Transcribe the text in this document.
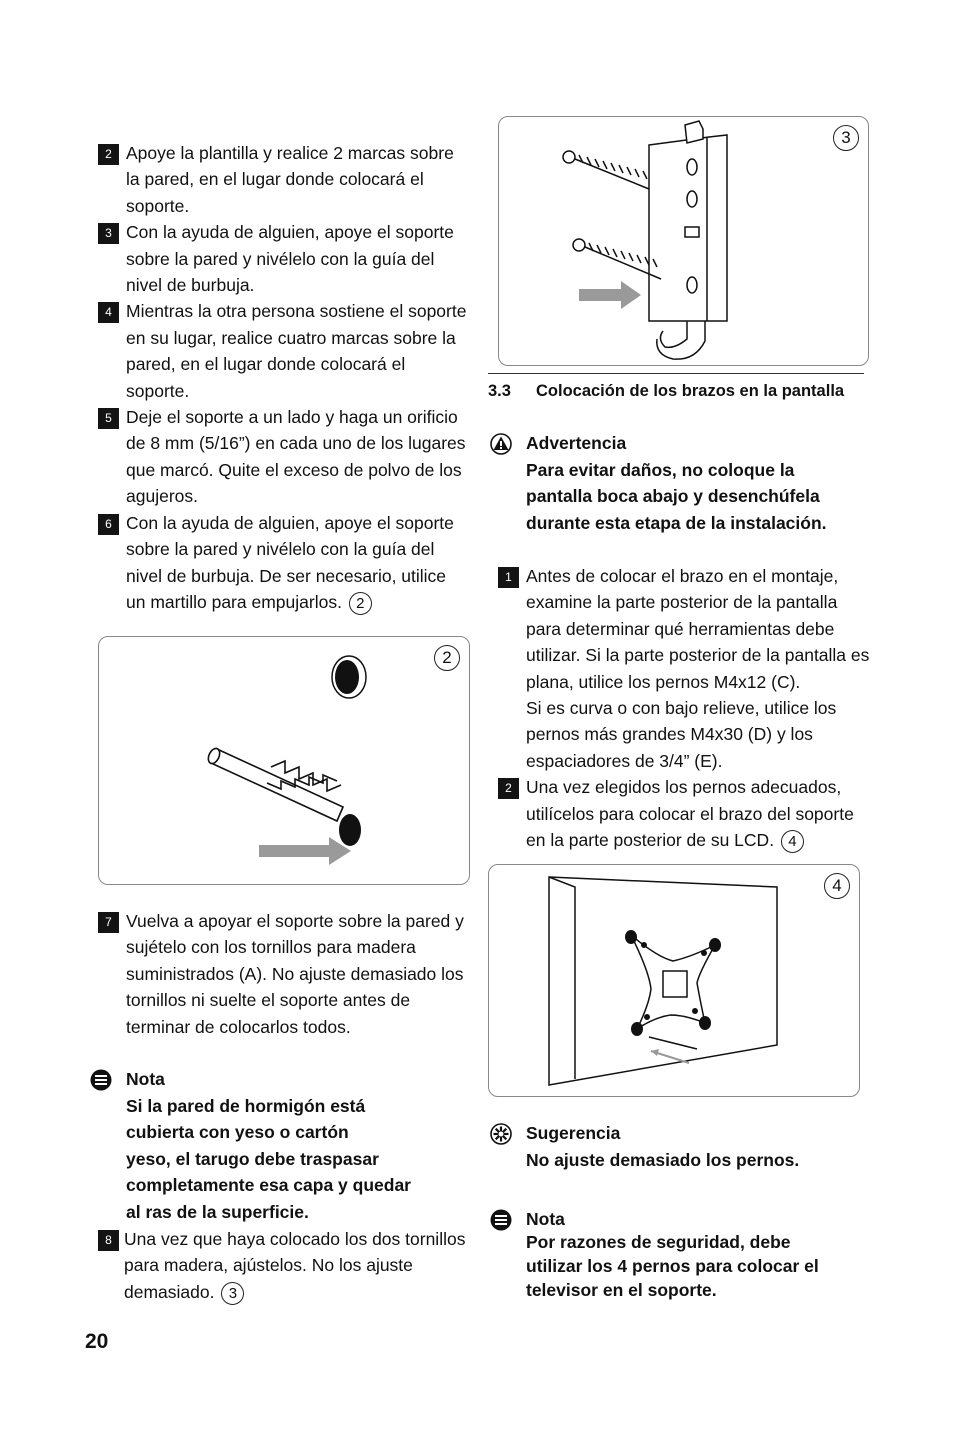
2 Apoye la plantilla y realice 2 marcas sobre la pared, en el lugar donde colocará el soporte.
3 Con la ayuda de alguien, apoye el soporte sobre la pared y nivélelo con la guía del nivel de burbuja.
4 Mientras la otra persona sostiene el soporte en su lugar, realice cuatro marcas sobre la pared, en el lugar donde colocará el soporte.
5 Deje el soporte a un lado y haga un orificio de 8 mm (5/16”) en cada uno de los lugares que marcó. Quite el exceso de polvo de los agujeros.
6 Con la ayuda de alguien, apoye el soporte sobre la pared y nivélelo con la guía del nivel de burbuja. De ser necesario, utilice un martillo para empujarlos. 2
2
7 Vuelva a apoyar el soporte sobre la pared y sujételo con los tornillos para madera suministrados (A). No ajuste demasiado los tornillos ni suelte el soporte antes de terminar de colocarlos todos.
Nota
Si la pared de hormigón está
cubierta con yeso o cartón
yeso, el tarugo debe traspasar
completamente esa capa y quedar
al ras de la superficie.
8 Una vez que haya colocado los dos tornillos para madera, ajústelos. No los ajuste demasiado. 3
20
3
3.3 Colocación de los brazos en la pantalla
Advertencia
Para evitar daños, no coloque la
pantalla boca abajo y desenchúfela
durante esta etapa de la instalación.
1 Antes de colocar el brazo en el montaje, examine la parte posterior de la pantalla para determinar qué herramientas debe utilizar. Si la parte posterior de la pantalla es plana, utilice los pernos M4x12 (C).
Si es curva o con bajo relieve, utilice los pernos más grandes M4x30 (D) y los espaciadores de 3/4” (E).
2 Una vez elegidos los pernos adecuados, utilícelos para colocar el brazo del soporte en la parte posterior de su LCD. 4
4
Sugerencia
No ajuste demasiado los pernos.
Nota
Por razones de seguridad, debe
utilizar los 4 pernos para colocar el
televisor en el soporte.
